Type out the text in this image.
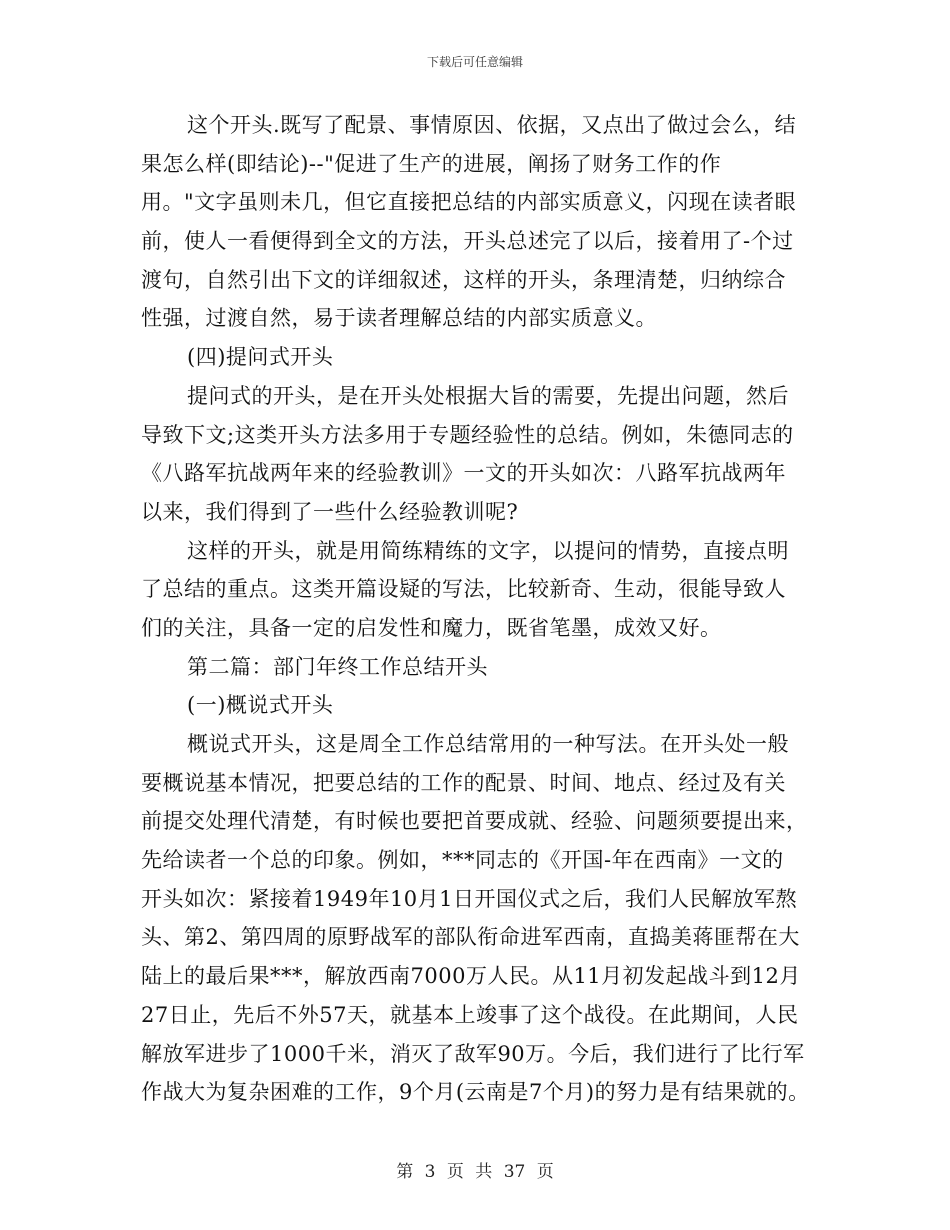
下载后可任意编辑
这个开头.既写了配景、事情原因、依据，又点出了做过会么，结
果怎么样(即结论)--"促进了生产的进展，阐扬了财务工作的作
用。"文字虽则未几，但它直接把总结的内部实质意义，闪现在读者眼
前，使人一看便得到全文的方法，开头总述完了以后，接着用了-个过
渡句，自然引出下文的详细叙述，这样的开头，条理清楚，归纳综合
性强，过渡自然，易于读者理解总结的内部实质意义。
(四)提问式开头
提问式的开头，是在开头处根据大旨的需要，先提出问题，然后
导致下文;这类开头方法多用于专题经验性的总结。例如，朱德同志的
《八路军抗战两年来的经验教训》一文的开头如次：八路军抗战两年
以来，我们得到了一些什么经验教训呢?
这样的开头，就是用简练精练的文字，以提问的情势，直接点明
了总结的重点。这类开篇设疑的写法，比较新奇、生动，很能导致人
们的关注，具备一定的启发性和魔力，既省笔墨，成效又好。
第二篇：部门年终工作总结开头
(一)概说式开头
概说式开头，这是周全工作总结常用的一种写法。在开头处一般
要概说基本情况，把要总结的工作的配景、时间、地点、经过及有关
前提交处理代清楚，有时候也要把首要成就、经验、问题须要提出来，
先给读者一个总的印象。例如，***同志的《开国-年在西南》一文的
开头如次：紧接着1949年10月1日开国仪式之后，我们人民解放军熬
头、第2、第四周的原野战军的部队衔命进军西南，直捣美蒋匪帮在大
陆上的最后果***，解放西南7000万人民。从11月初发起战斗到12月
27日止，先后不外57天，就基本上竣事了这个战役。在此期间，人民
解放军进步了1000千米，消灭了敌军90万。今后，我们进行了比行军
作战大为复杂困难的工作，9个月(云南是7个月)的努力是有结果就的。
第 3 页 共 37 页
